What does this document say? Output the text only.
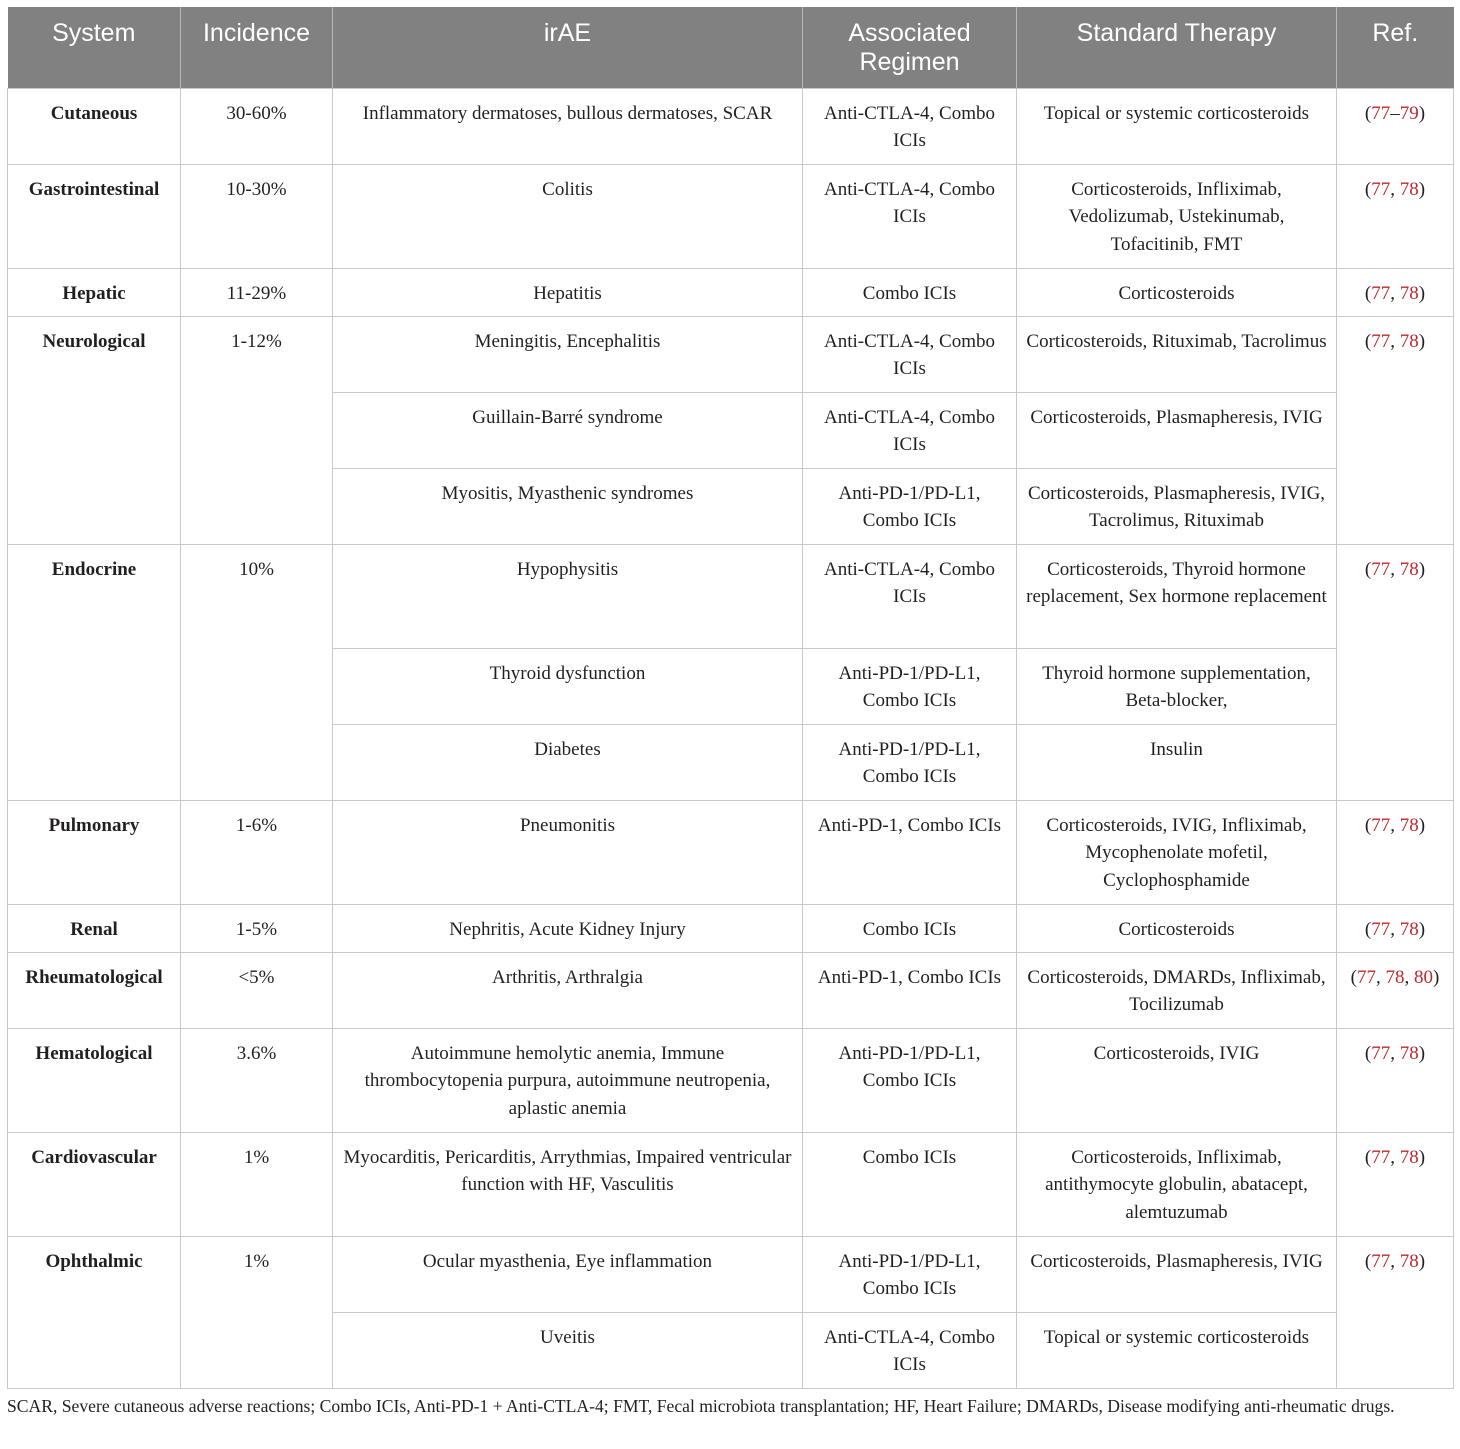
System	Incidence	irAE	Associated Regimen	Standard Therapy	Ref.
Cutaneous	30-60%	Inflammatory dermatoses, bullous dermatoses, SCAR	Anti-CTLA-4, Combo ICIs	Topical or systemic corticosteroids	(77–79)
Gastrointestinal	10-30%	Colitis	Anti-CTLA-4, Combo ICIs	Corticosteroids, Infliximab, Vedolizumab, Ustekinumab, Tofacitinib, FMT	(77, 78)
Hepatic	11-29%	Hepatitis	Combo ICIs	Corticosteroids	(77, 78)
Neurological	1-12%	Meningitis, Encephalitis	Anti-CTLA-4, Combo ICIs	Corticosteroids, Rituximab, Tacrolimus	(77, 78)
		Guillain-Barré syndrome	Anti-CTLA-4, Combo ICIs	Corticosteroids, Plasmapheresis, IVIG	
		Myositis, Myasthenic syndromes	Anti-PD-1/PD-L1, Combo ICIs	Corticosteroids, Plasmapheresis, IVIG, Tacrolimus, Rituximab	
Endocrine	10%	Hypophysitis	Anti-CTLA-4, Combo ICIs	Corticosteroids, Thyroid hormone replacement, Sex hormone replacement	(77, 78)
		Thyroid dysfunction	Anti-PD-1/PD-L1, Combo ICIs	Thyroid hormone supplementation, Beta-blocker,	
		Diabetes	Anti-PD-1/PD-L1, Combo ICIs	Insulin	
Pulmonary	1-6%	Pneumonitis	Anti-PD-1, Combo ICIs	Corticosteroids, IVIG, Infliximab, Mycophenolate mofetil, Cyclophosphamide	(77, 78)
Renal	1-5%	Nephritis, Acute Kidney Injury	Combo ICIs	Corticosteroids	(77, 78)
Rheumatological	<5%	Arthritis, Arthralgia	Anti-PD-1, Combo ICIs	Corticosteroids, DMARDs, Infliximab, Tocilizumab	(77, 78, 80)
Hematological	3.6%	Autoimmune hemolytic anemia, Immune thrombocytopenia purpura, autoimmune neutropenia, aplastic anemia	Anti-PD-1/PD-L1, Combo ICIs	Corticosteroids, IVIG	(77, 78)
Cardiovascular	1%	Myocarditis, Pericarditis, Arrythmias, Impaired ventricular function with HF, Vasculitis	Combo ICIs	Corticosteroids, Infliximab, antithymocyte globulin, abatacept, alemtuzumab	(77, 78)
Ophthalmic	1%	Ocular myasthenia, Eye inflammation	Anti-PD-1/PD-L1, Combo ICIs	Corticosteroids, Plasmapheresis, IVIG	(77, 78)
		Uveitis	Anti-CTLA-4, Combo ICIs	Topical or systemic corticosteroids	
SCAR, Severe cutaneous adverse reactions; Combo ICIs, Anti-PD-1 + Anti-CTLA-4; FMT, Fecal microbiota transplantation; HF, Heart Failure; DMARDs, Disease modifying anti-rheumatic drugs.
